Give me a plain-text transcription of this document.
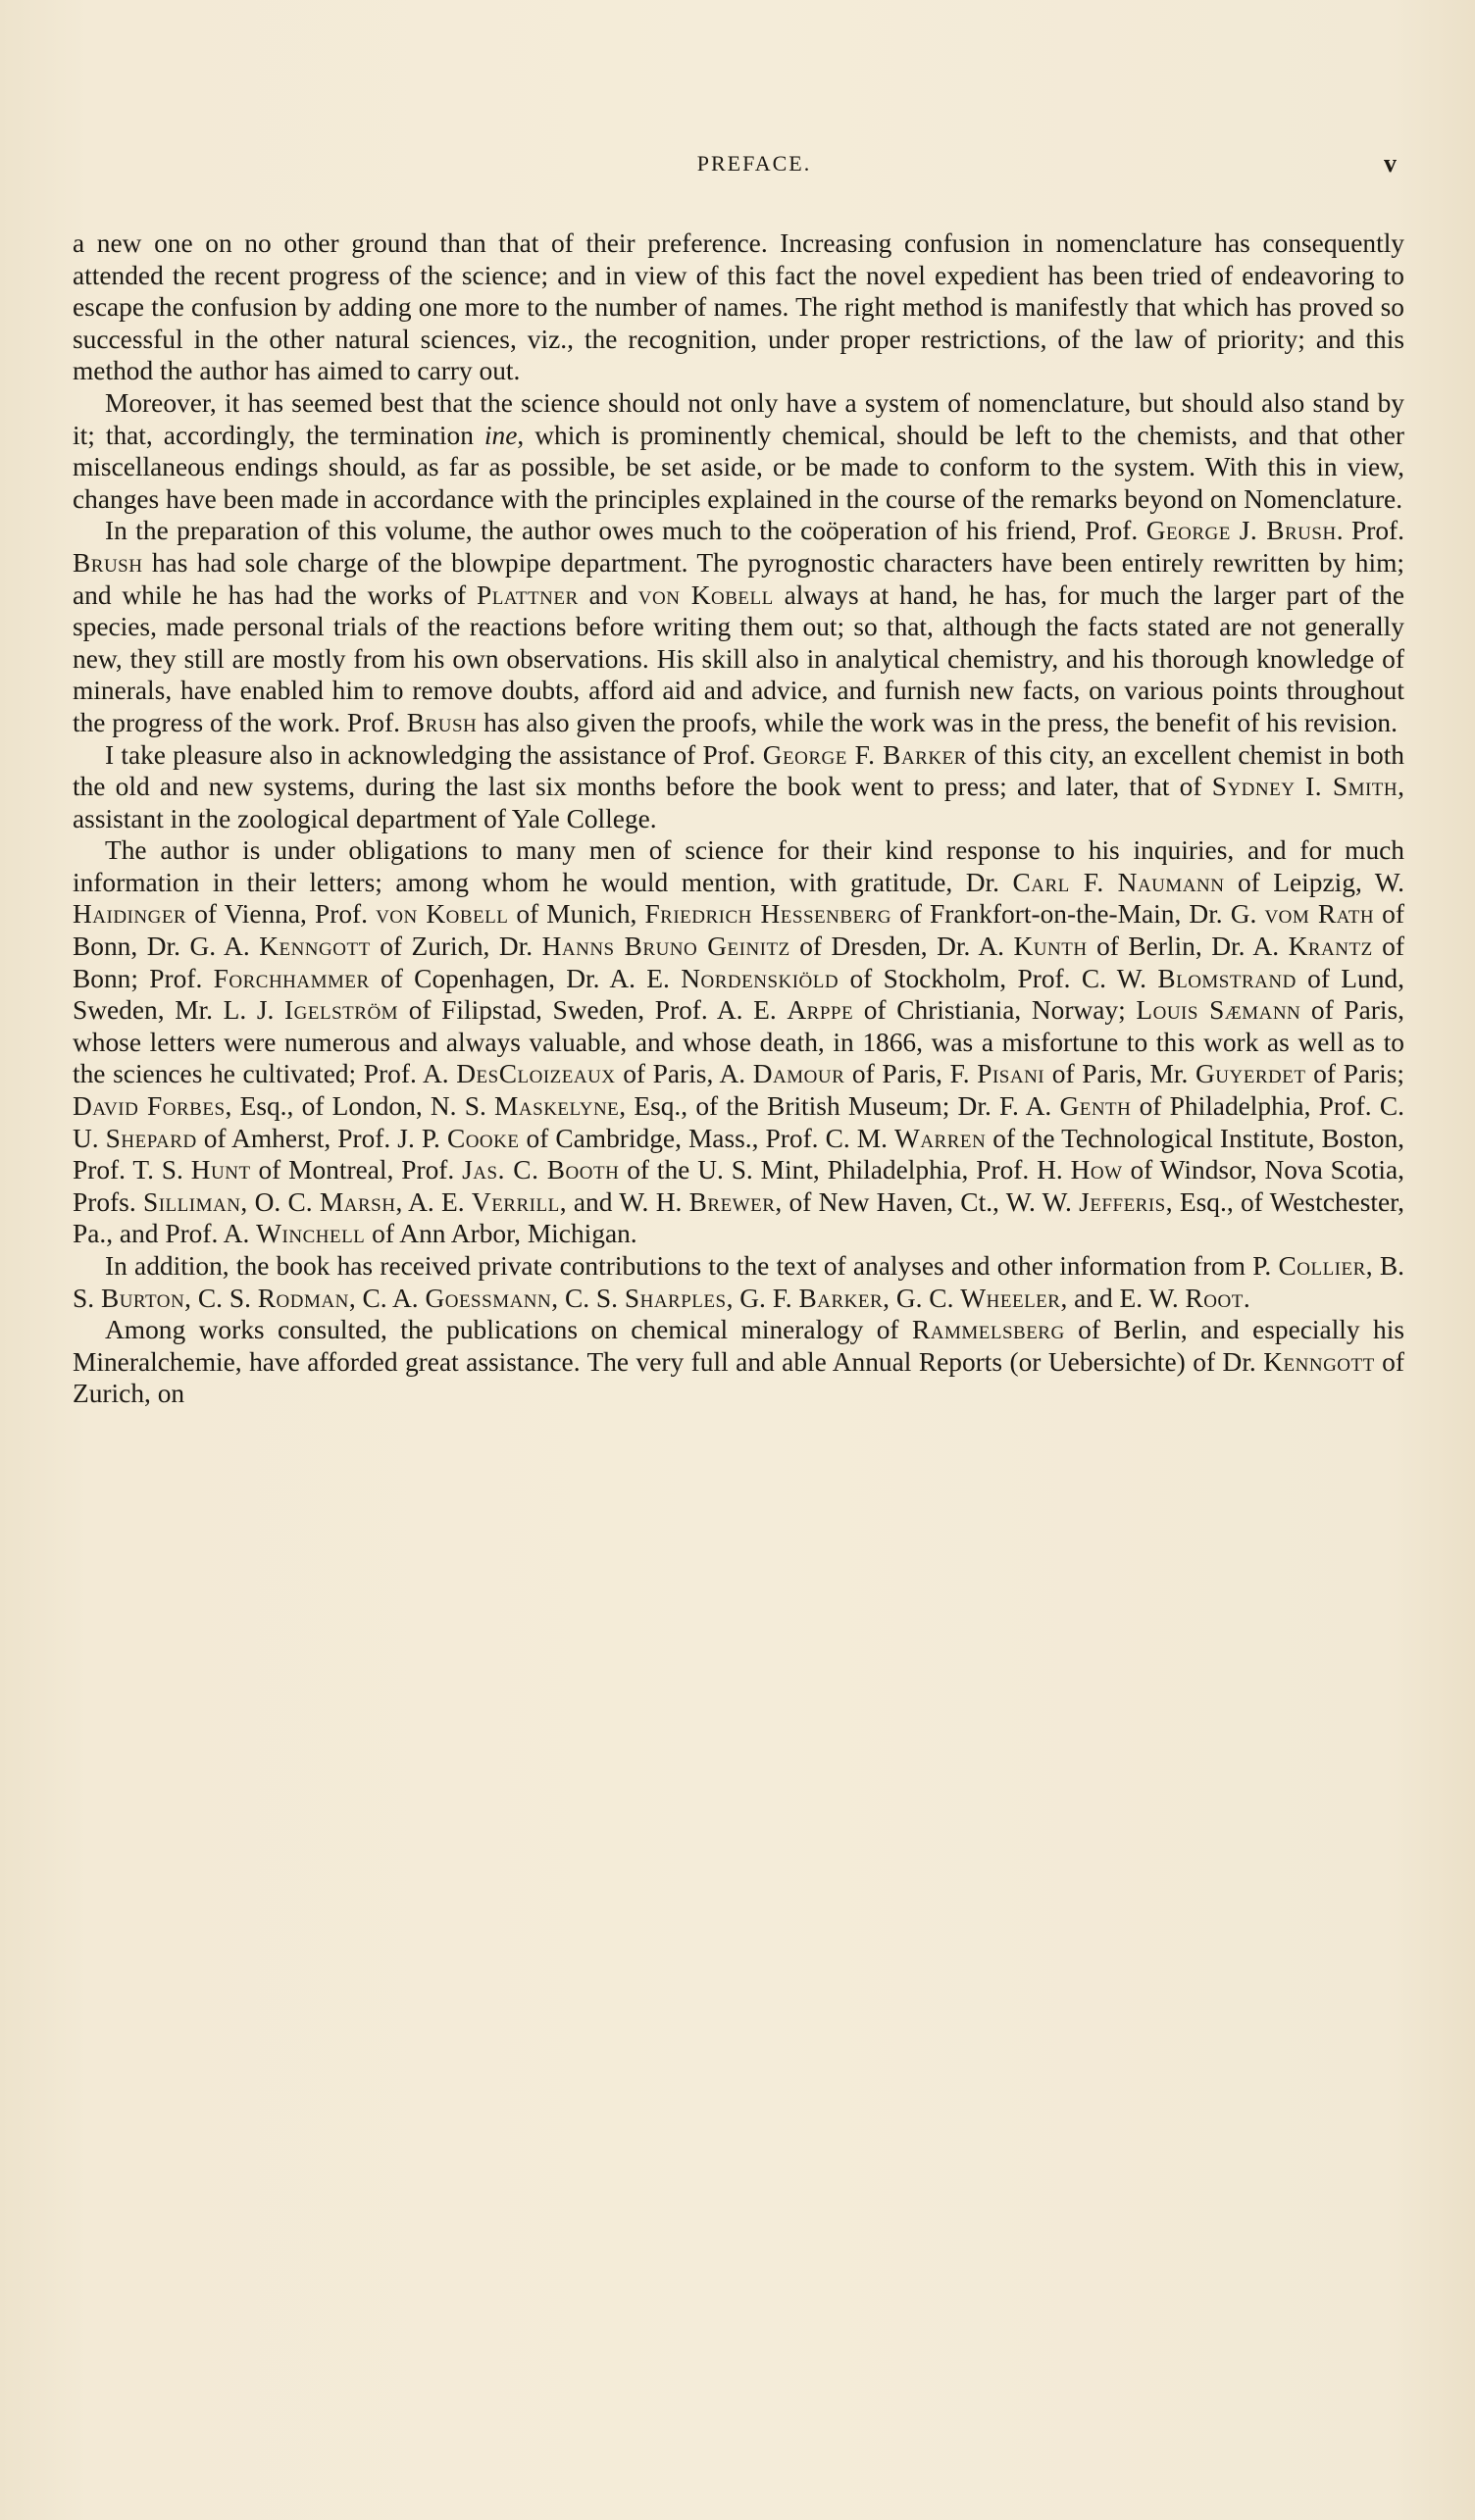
PREFACE.	v

a new one on no other ground than that of their preference. Increasing confusion in nomenclature has consequently attended the recent progress of the science; and in view of this fact the novel expedient has been tried of endeavoring to escape the confusion by adding one more to the number of names. The right method is manifestly that which has proved so successful in the other natural sciences, viz., the recognition, under proper restrictions, of the law of priority; and this method the author has aimed to carry out.

Moreover, it has seemed best that the science should not only have a system of nomenclature, but should also stand by it; that, accordingly, the termination ine, which is prominently chemical, should be left to the chemists, and that other miscellaneous endings should, as far as possible, be set aside, or be made to conform to the system. With this in view, changes have been made in accordance with the principles explained in the course of the remarks beyond on Nomenclature.

In the preparation of this volume, the author owes much to the coöperation of his friend, Prof. George J. Brush. Prof. Brush has had sole charge of the blowpipe department. The pyrognostic characters have been entirely rewritten by him; and while he has had the works of Plattner and von Kobell always at hand, he has, for much the larger part of the species, made personal trials of the reactions before writing them out; so that, although the facts stated are not generally new, they still are mostly from his own observations. His skill also in analytical chemistry, and his thorough knowledge of minerals, have enabled him to remove doubts, afford aid and advice, and furnish new facts, on various points throughout the progress of the work. Prof. Brush has also given the proofs, while the work was in the press, the benefit of his revision.

I take pleasure also in acknowledging the assistance of Prof. George F. Barker of this city, an excellent chemist in both the old and new systems, during the last six months before the book went to press; and later, that of Sydney I. Smith, assistant in the zoological department of Yale College.

The author is under obligations to many men of science for their kind response to his inquiries, and for much information in their letters; among whom he would mention, with gratitude, Dr. Carl F. Naumann of Leipzig, W. Haidinger of Vienna, Prof. von Kobell of Munich, Friedrich Hessenberg of Frankfort-on-the-Main, Dr. G. vom Rath of Bonn, Dr. G. A. Kenngott of Zurich, Dr. Hanns Bruno Geinitz of Dresden, Dr. A. Kunth of Berlin, Dr. A. Krantz of Bonn; Prof. Forchhammer of Copenhagen, Dr. A. E. Nordenskiöld of Stockholm, Prof. C. W. Blomstrand of Lund, Sweden, Mr. L. J. Igelström of Filipstad, Sweden, Prof. A. E. Arppe of Christiania, Norway; Louis Sæmann of Paris, whose letters were numerous and always valuable, and whose death, in 1866, was a misfortune to this work as well as to the sciences he cultivated; Prof. A. DesCloizeaux of Paris, A. Damour of Paris, F. Pisani of Paris, Mr. Guyerdet of Paris; David Forbes, Esq., of London, N. S. Maskelyne, Esq., of the British Museum; Dr. F. A. Genth of Philadelphia, Prof. C. U. Shepard of Amherst, Prof. J. P. Cooke of Cambridge, Mass., Prof. C. M. Warren of the Technological Institute, Boston, Prof. T. S. Hunt of Montreal, Prof. Jas. C. Booth of the U. S. Mint, Philadelphia, Prof. H. How of Windsor, Nova Scotia, Profs. Silliman, O. C. Marsh, A. E. Verrill, and W. H. Brewer, of New Haven, Ct., W. W. Jefferis, Esq., of Westchester, Pa., and Prof. A. Winchell of Ann Arbor, Michigan.

In addition, the book has received private contributions to the text of analyses and other information from P. Collier, B. S. Burton, C. S. Rodman, C. A. Goessmann, C. S. Sharples, G. F. Barker, G. C. Wheeler, and E. W. Root.

Among works consulted, the publications on chemical mineralogy of Rammelsberg of Berlin, and especially his Mineralchemie, have afforded great assistance. The very full and able Annual Reports (or Uebersichte) of Dr. Kenngott of Zurich, on
